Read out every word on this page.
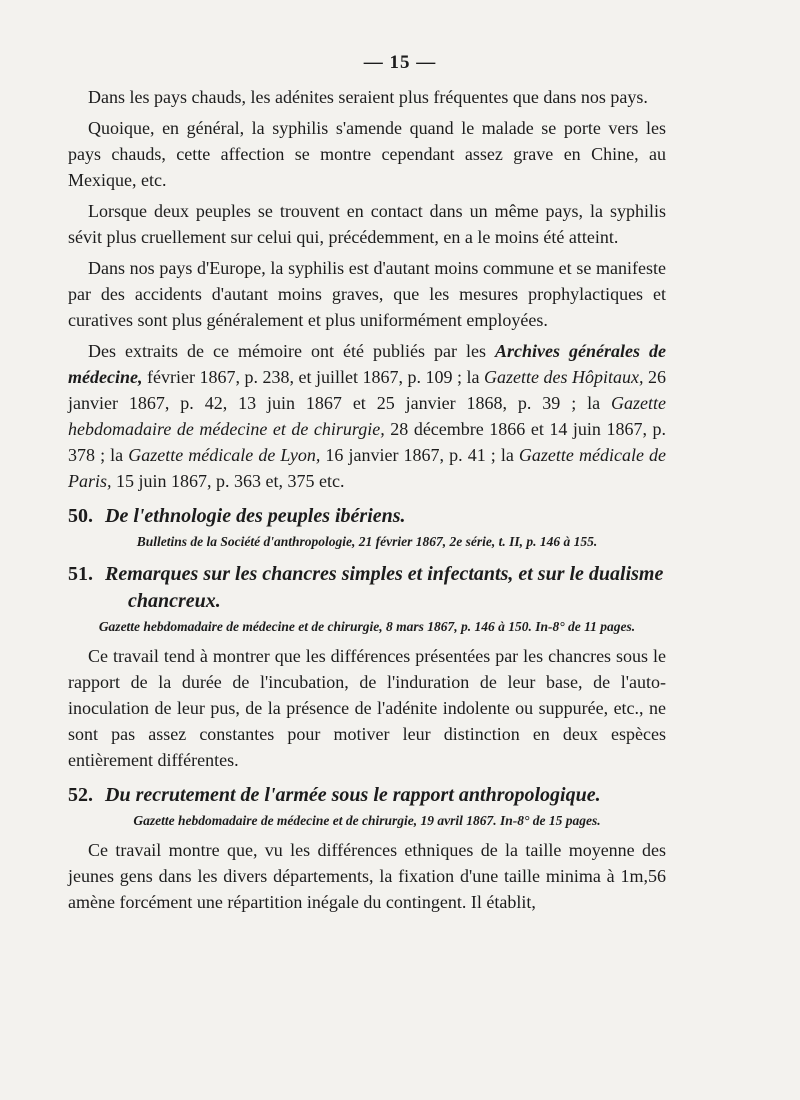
— 15 —

Dans les pays chauds, les adénites seraient plus fréquentes que dans nos pays.

Quoique, en général, la syphilis s'amende quand le malade se porte vers les pays chauds, cette affection se montre cependant assez grave en Chine, au Mexique, etc.

Lorsque deux peuples se trouvent en contact dans un même pays, la syphilis sévit plus cruellement sur celui qui, précédemment, en a le moins été atteint.

Dans nos pays d'Europe, la syphilis est d'autant moins commune et se manifeste par des accidents d'autant moins graves, que les mesures prophylactiques et curatives sont plus généralement et plus uniformément employées.

Des extraits de ce mémoire ont été publiés par les Archives générales de médecine, février 1867, p. 238, et juillet 1867, p. 109 ; la Gazette des Hôpitaux, 26 janvier 1867, p. 42, 13 juin 1867 et 25 janvier 1868, p. 39 ; la Gazette hebdomadaire de médecine et de chirurgie, 28 décembre 1866 et 14 juin 1867, p. 378 ; la Gazette médicale de Lyon, 16 janvier 1867, p. 41 ; la Gazette médicale de Paris, 15 juin 1867, p. 363 et, 375 etc.

50. De l'ethnologie des peuples ibériens.
Bulletins de la Société d'anthropologie, 21 février 1867, 2e série, t. II, p. 146 à 155.
51. Remarques sur les chancres simples et infectants, et sur le dualisme chancreux.
Gazette hebdomadaire de médecine et de chirurgie, 8 mars 1867, p. 146 à 150. In-8° de 11 pages.

Ce travail tend à montrer que les différences présentées par les chancres sous le rapport de la durée de l'incubation, de l'induration de leur base, de l'auto-inoculation de leur pus, de la présence de l'adénite indolente ou suppurée, etc., ne sont pas assez constantes pour motiver leur distinction en deux espèces entièrement différentes.

52. Du recrutement de l'armée sous le rapport anthropologique.
Gazette hebdomadaire de médecine et de chirurgie, 19 avril 1867. In-8° de 15 pages.

Ce travail montre que, vu les différences ethniques de la taille moyenne des jeunes gens dans les divers départements, la fixation d'une taille minima à 1m,56 amène forcément une répartition inégale du contingent. Il établit,
